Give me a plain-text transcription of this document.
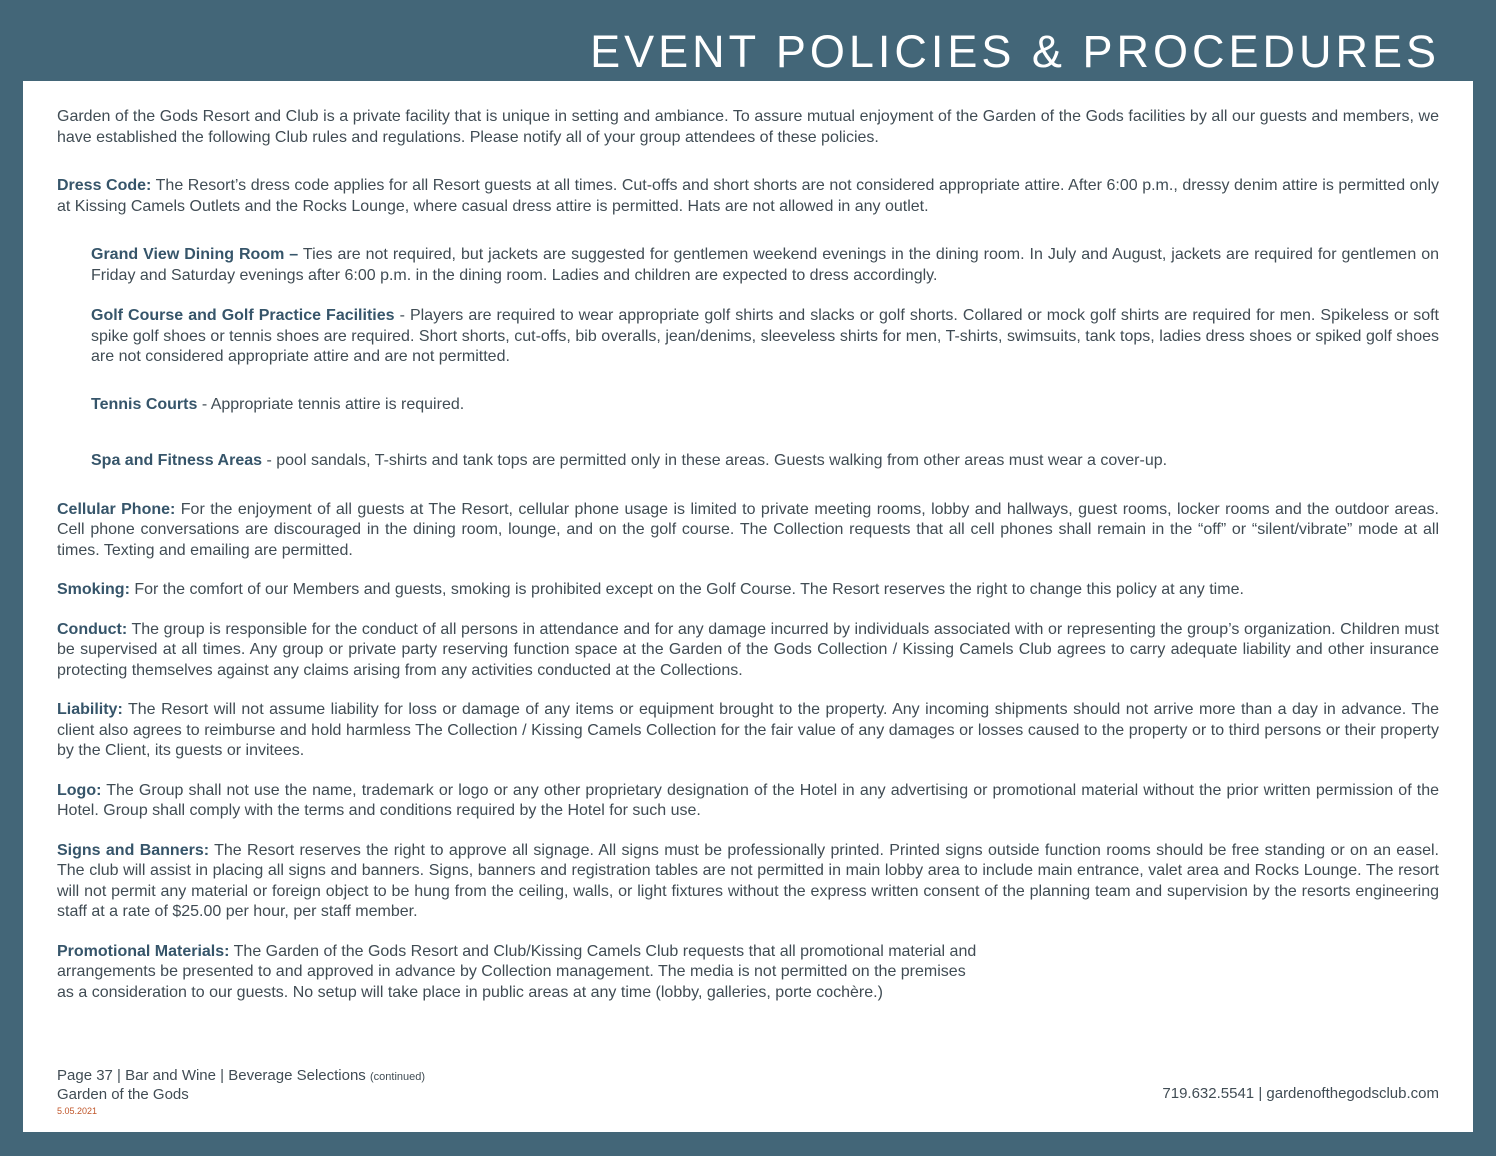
EVENT POLICIES & PROCEDURES

Garden of the Gods Resort and Club is a private facility that is unique in setting and ambiance. To assure mutual enjoyment of the Garden of the Gods facilities by all our guests and members, we have established the following Club rules and regulations. Please notify all of your group attendees of these policies.

Dress Code: The Resort’s dress code applies for all Resort guests at all times. Cut-offs and short shorts are not considered appropriate attire. After 6:00 p.m., dressy denim attire is permitted only at Kissing Camels Outlets and the Rocks Lounge, where casual dress attire is permitted. Hats are not allowed in any outlet.

Grand View Dining Room – Ties are not required, but jackets are suggested for gentlemen weekend evenings in the dining room. In July and August, jackets are required for gentlemen on Friday and Saturday evenings after 6:00 p.m. in the dining room. Ladies and children are expected to dress accordingly.

Golf Course and Golf Practice Facilities - Players are required to wear appropriate golf shirts and slacks or golf shorts. Collared or mock golf shirts are required for men. Spikeless or soft spike golf shoes or tennis shoes are required. Short shorts, cut-offs, bib overalls, jean/denims, sleeveless shirts for men, T-shirts, swimsuits, tank tops, ladies dress shoes or spiked golf shoes are not considered appropriate attire and are not permitted.

Tennis Courts - Appropriate tennis attire is required.

Spa and Fitness Areas - pool sandals, T-shirts and tank tops are permitted only in these areas. Guests walking from other areas must wear a cover-up.

Cellular Phone: For the enjoyment of all guests at The Resort, cellular phone usage is limited to private meeting rooms, lobby and hallways, guest rooms, locker rooms and the outdoor areas. Cell phone conversations are discouraged in the dining room, lounge, and on the golf course. The Collection requests that all cell phones shall remain in the “off” or “silent/vibrate” mode at all times. Texting and emailing are permitted.

Smoking: For the comfort of our Members and guests, smoking is prohibited except on the Golf Course. The Resort reserves the right to change this policy at any time.

Conduct: The group is responsible for the conduct of all persons in attendance and for any damage incurred by individuals associated with or representing the group’s organization. Children must be supervised at all times. Any group or private party reserving function space at the Garden of the Gods Collection / Kissing Camels Club agrees to carry adequate liability and other insurance protecting themselves against any claims arising from any activities conducted at the Collections.

Liability: The Resort will not assume liability for loss or damage of any items or equipment brought to the property. Any incoming shipments should not arrive more than a day in advance. The client also agrees to reimburse and hold harmless The Collection / Kissing Camels Collection for the fair value of any damages or losses caused to the property or to third persons or their property by the Client, its guests or invitees.

Logo: The Group shall not use the name, trademark or logo or any other proprietary designation of the Hotel in any advertising or promotional material without the prior written permission of the Hotel. Group shall comply with the terms and conditions required by the Hotel for such use.

Signs and Banners: The Resort reserves the right to approve all signage. All signs must be professionally printed. Printed signs outside function rooms should be free standing or on an easel. The club will assist in placing all signs and banners. Signs, banners and registration tables are not permitted in main lobby area to include main entrance, valet area and Rocks Lounge. The resort will not permit any material or foreign object to be hung from the ceiling, walls, or light fixtures without the express written consent of the planning team and supervision by the resorts engineering staff at a rate of $25.00 per hour, per staff member.

Promotional Materials: The Garden of the Gods Resort and Club/Kissing Camels Club requests that all promotional material and
arrangements be presented to and approved in advance by Collection management. The media is not permitted on the premises
as a consideration to our guests. No setup will take place in public areas at any time (lobby, galleries, porte cochère.)

Page 37 | Bar and Wine | Beverage Selections (continued)
Garden of the Gods
5.05.2021
719.632.5541 | gardenofthegodsclub.com
